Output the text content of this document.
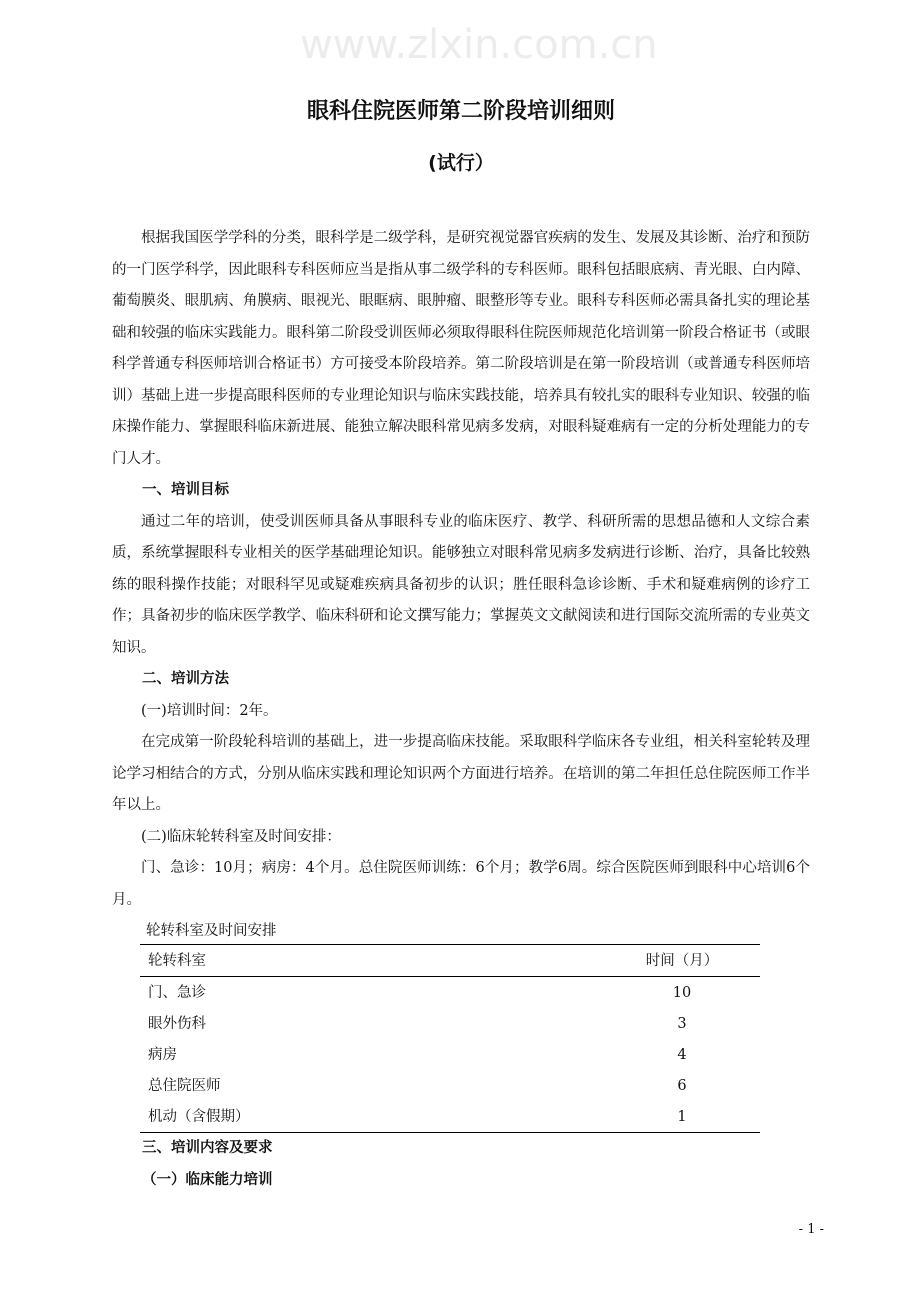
www.zlxin.com.cn
眼科住院医师第二阶段培训细则
(试行）

根据我国医学学科的分类，眼科学是二级学科，是研究视觉器官疾病的发生、发展及其诊断、治疗和预防的一门医学科学，因此眼科专科医师应当是指从事二级学科的专科医师。眼科包括眼底病、青光眼、白内障、葡萄膜炎、眼肌病、角膜病、眼视光、眼眶病、眼肿瘤、眼整形等专业。眼科专科医师必需具备扎实的理论基础和较强的临床实践能力。眼科第二阶段受训医师必须取得眼科住院医师规范化培训第一阶段合格证书（或眼科学普通专科医师培训合格证书）方可接受本阶段培养。第二阶段培训是在第一阶段培训（或普通专科医师培训）基础上进一步提高眼科医师的专业理论知识与临床实践技能，培养具有较扎实的眼科专业知识、较强的临床操作能力、掌握眼科临床新进展、能独立解决眼科常见病多发病，对眼科疑难病有一定的分析处理能力的专门人才。

一、培训目标

通过二年的培训，使受训医师具备从事眼科专业的临床医疗、教学、科研所需的思想品德和人文综合素质，系统掌握眼科专业相关的医学基础理论知识。能够独立对眼科常见病多发病进行诊断、治疗，具备比较熟练的眼科操作技能；对眼科罕见或疑难疾病具备初步的认识；胜任眼科急诊诊断、手术和疑难病例的诊疗工作；具备初步的临床医学教学、临床科研和论文撰写能力；掌握英文文献阅读和进行国际交流所需的专业英文知识。

二、培训方法

(一)培训时间：2年。

在完成第一阶段轮科培训的基础上，进一步提高临床技能。采取眼科学临床各专业组，相关科室轮转及理论学习相结合的方式，分别从临床实践和理论知识两个方面进行培养。在培训的第二年担任总住院医师工作半年以上。

(二)临床轮转科室及时间安排：

门、急诊：10月；病房：4个月。总住院医师训练：6个月；教学6周。综合医院医师到眼科中心培训6个月。

轮转科室及时间安排
轮转科室	时间（月）
门、急诊	10
眼外伤科	3
病房	4
总住院医师	6
机动（含假期）	1
三、培训内容及要求
（一）临床能力培训
- 1 -
